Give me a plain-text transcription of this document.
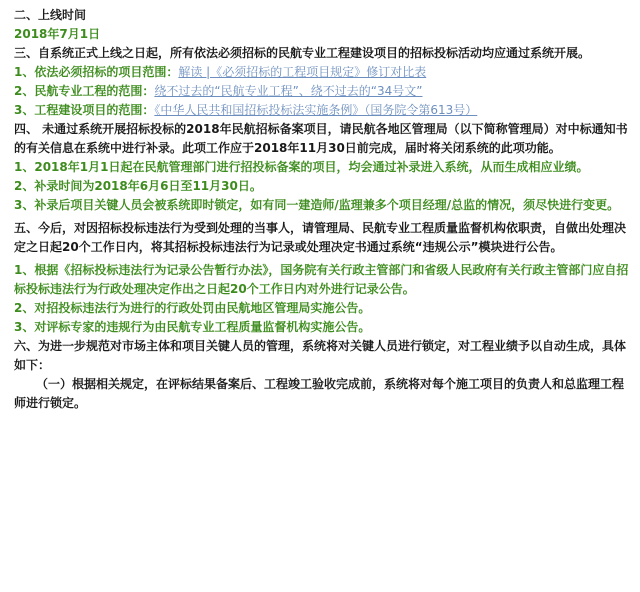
二、上线时间

2018年7月1日

三、自系统正式上线之日起，所有依法必须招标的民航专业工程建设项目的招标投标活动均应通过系统开展。

1、依法必须招标的项目范围：解读 |《必须招标的工程项目规定》修订对比表

2、民航专业工程的范围：绕不过去的“民航专业工程”、绕不过去的“34号文”

3、工程建设项目的范围：《中华人民共和国招标投标法实施条例》（国务院令第613号）

四、 未通过系统开展招标投标的2018年民航招标备案项目，请民航各地区管理局（以下简称管理局）对中标通知书的有关信息在系统中进行补录。此项工作应于2018年11月30日前完成，届时将关闭系统的此项功能。

1、2018年1月1日起在民航管理部门进行招投标备案的项目，均会通过补录进入系统，从而生成相应业绩。

2、补录时间为2018年6月6日至11月30日。

3、补录后项目关键人员会被系统即时锁定，如有同一建造师/监理兼多个项目经理/总监的情况，须尽快进行变更。

五、今后，对因招标投标违法行为受到处理的当事人，请管理局、民航专业工程质量监督机构依职责，自做出处理决定之日起20个工作日内，将其招标投标违法行为记录或处理决定书通过系统“违规公示”模块进行公告。

1、根据《招标投标违法行为记录公告暂行办法》，国务院有关行政主管部门和省级人民政府有关行政主管部门应自招标投标违法行为行政处理决定作出之日起20个工作日内对外进行记录公告。

2、对招投标违法行为进行的行政处罚由民航地区管理局实施公告。

3、对评标专家的违规行为由民航专业工程质量监督机构实施公告。

六、为进一步规范对市场主体和项目关键人员的管理，系统将对关键人员进行锁定，对工程业绩予以自动生成，具体如下：

（一）根据相关规定，在评标结果备案后、工程竣工验收完成前，系统将对每个施工项目的负责人和总监理工程师进行锁定。
